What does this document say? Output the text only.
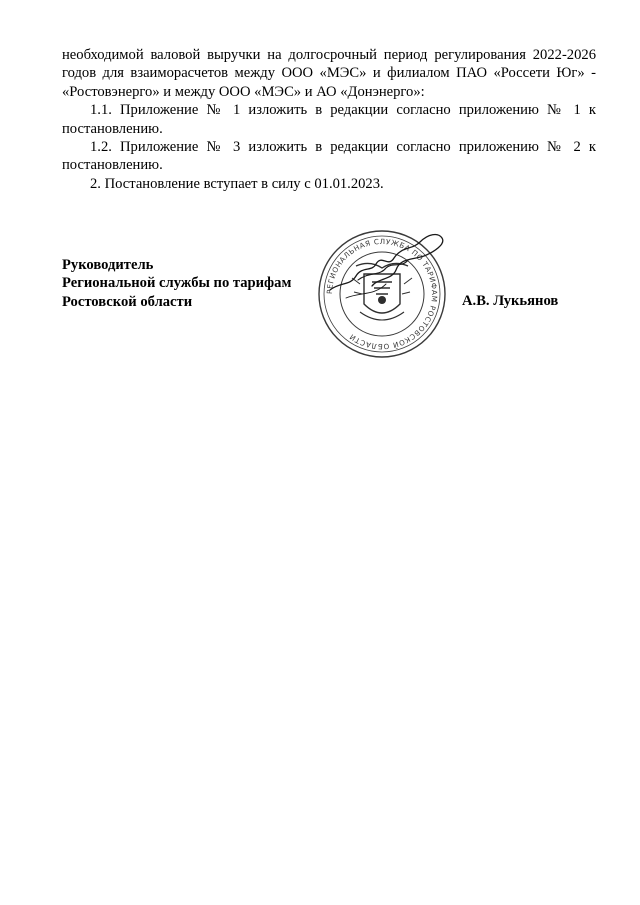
необходимой валовой выручки на долгосрочный период регулирования 2022-2026 годов для взаиморасчетов между ООО «МЭС» и филиалом ПАО «Россети Юг» - «Ростовэнерго» и между ООО «МЭС» и АО «Донэнерго»:

1.1. Приложение № 1 изложить в редакции согласно приложению № 1 к постановлению.

1.2. Приложение № 3 изложить в редакции согласно приложению № 2 к постановлению.

2. Постановление вступает в силу с 01.01.2023.

Руководитель
Региональной службы по тарифам
Ростовской области
РЕГИОНАЛЬНАЯ СЛУЖБА ПО ТАРИФАМ РОСТОВСКОЙ ОБЛАСТИ
А.В. Лукьянов
